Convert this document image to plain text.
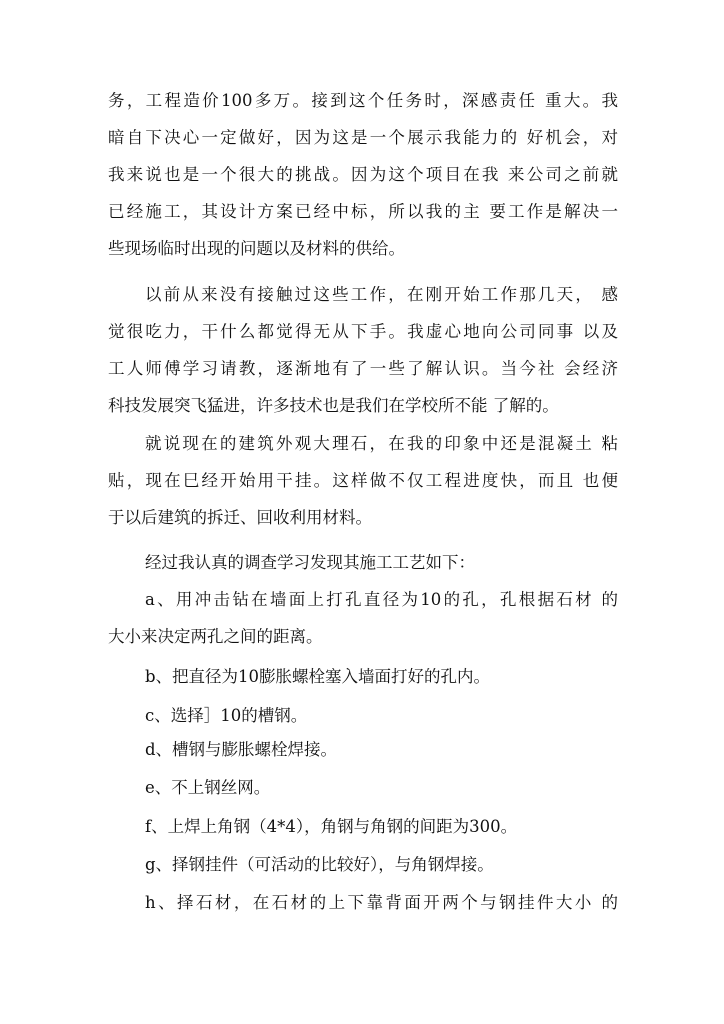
务，工程造价100多万。接到这个任务时，深感责任 重大。我
暗自下决心一定做好，因为这是一个展示我能力的 好机会，对
我来说也是一个很大的挑战。因为这个项目在我 来公司之前就
已经施工，其设计方案已经中标，所以我的主 要工作是解决一
些现场临时出现的问题以及材料的供给。
以前从来没有接触过这些工作，在刚开始工作那几天， 感
觉很吃力，干什么都觉得无从下手。我虚心地向公司同事 以及
工人师傅学习请教，逐渐地有了一些了解认识。当今社 会经济
科技发展突飞猛进，许多技术也是我们在学校所不能 了解的。
就说现在的建筑外观大理石，在我的印象中还是混凝土 粘
贴，现在巳经开始用干挂。这样做不仅工程进度快，而且 也便
于以后建筑的拆迁、回收利用材料。
经过我认真的调查学习发现其施工工艺如下：
a、用冲击钻在墙面上打孔直径为10的孔，孔根据石材 的
大小来决定两孔之间的距离。
b、把直径为10膨胀螺栓塞入墙面打好的孔内。
c、选择］10的槽钢。
d、槽钢与膨胀螺栓焊接。
e、不上钢丝网。
f、上焊上角钢（4*4），角钢与角钢的间距为300。
g、择钢挂件（可活动的比较好），与角钢焊接。
h、择石材，在石材的上下靠背面开两个与钢挂件大小 的
